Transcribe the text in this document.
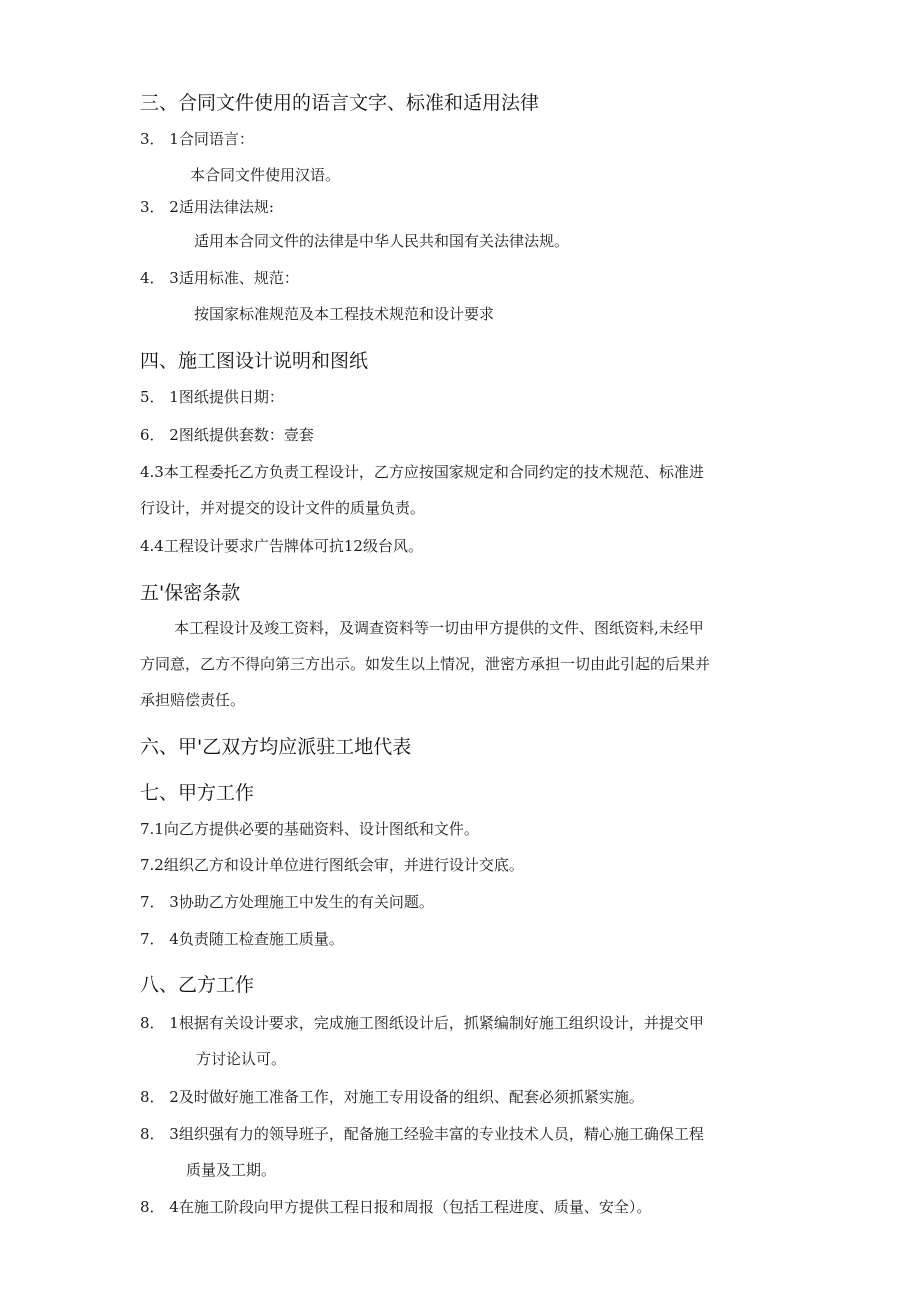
三、合同文件使用的语言文字、标准和适用法律
3． 1合同语言：
本合同文件使用汉语。
3． 2适用法律法规:
适用本合同文件的法律是中华人民共和国有关法律法规。
4． 3适用标准、规范：
按国家标准规范及本工程技术规范和设计要求
四、施工图设计说明和图纸
5． 1图纸提供日期：
6． 2图纸提供套数：壹套
4.3本工程委托乙方负责工程设计，乙方应按国家规定和合同约定的技术规范、标准进
行设计，并对提交的设计文件的质量负责。
4.4工程设计要求广告牌体可抗12级台风。
五'保密条款
本工程设计及竣工资料，及调查资料等一切由甲方提供的文件、图纸资料,未经甲
方同意，乙方不得向第三方出示。如发生以上情况，泄密方承担一切由此引起的后果并
承担赔偿责任。
六、甲'乙双方均应派驻工地代表
七、甲方工作
7.1向乙方提供必要的基础资料、设计图纸和文件。
7.2组织乙方和设计单位进行图纸会审，并进行设计交底。
7． 3协助乙方处理施工中发生的有关问题。
7． 4负责随工检查施工质量。
八、乙方工作
8． 1根据有关设计要求，完成施工图纸设计后，抓紧编制好施工组织设计，并提交甲
方讨论认可。
8． 2及时做好施工准备工作，对施工专用设备的组织、配套必须抓紧实施。
8． 3组织强有力的领导班子，配备施工经验丰富的专业技术人员，精心施工确保工程
质量及工期。
8． 4在施工阶段向甲方提供工程日报和周报（包括工程进度、质量、安全）。
